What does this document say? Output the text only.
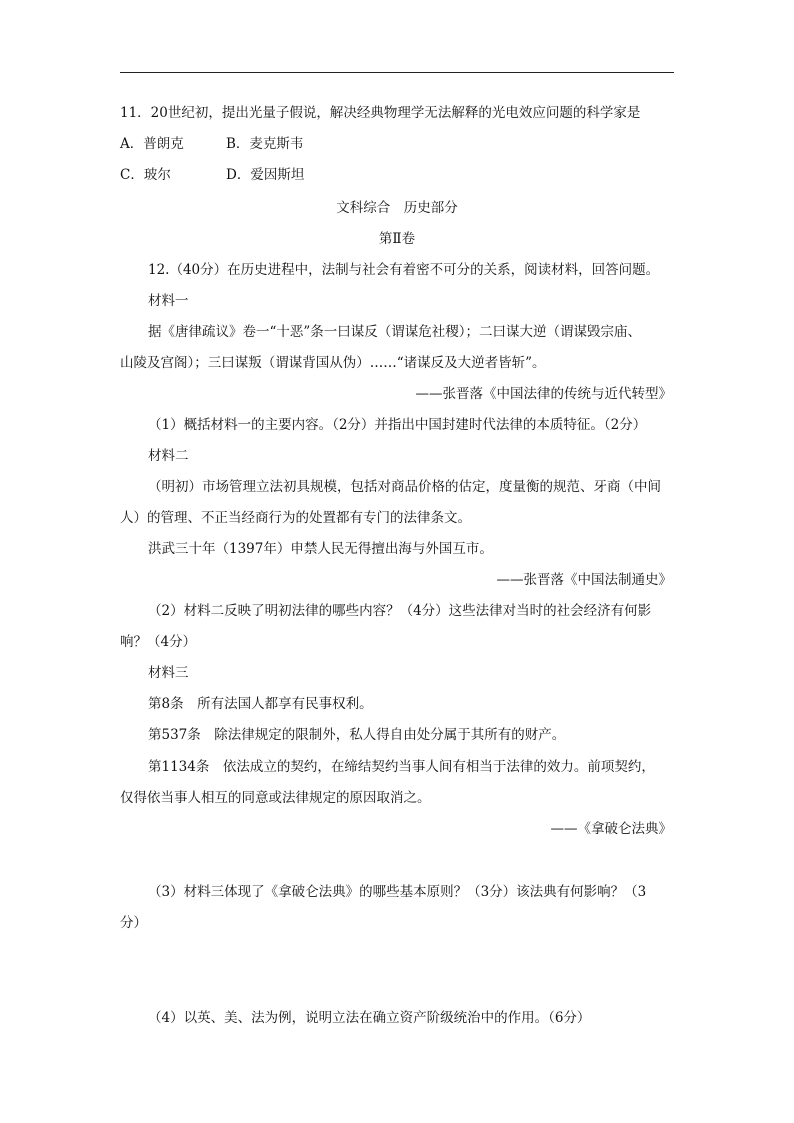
11．20世纪初，提出光量子假说，解决经典物理学无法解释的光电效应问题的科学家是
A．普朗克	B．麦克斯韦
C．玻尔	D．爱因斯坦
文科综合　历史部分
第Ⅱ卷
12.（40分）在历史进程中，法制与社会有着密不可分的关系，阅读材料，回答问题。
材料一
据《唐律疏议》卷一“十恶”条一曰谋反（谓谋危社稷）；二曰谋大逆（谓谋毁宗庙、
山陵及宫阁）；三曰谋叛（谓谋背国从伪）……“诸谋反及大逆者皆斩”。
——张晋落《中国法律的传统与近代转型》
（1）概括材料一的主要内容。（2分）并指出中国封建时代法律的本质特征。（2分）
材料二
（明初）市场管理立法初具规模，包括对商品价格的估定，度量衡的规范、牙商（中间
人）的管理、不正当经商行为的处置都有专门的法律条文。
洪武三十年（1397年）申禁人民无得擅出海与外国互市。
——张晋落《中国法制通史》
（2）材料二反映了明初法律的哪些内容？（4分）这些法律对当时的社会经济有何影
响？（4分）
材料三
第8条　所有法国人都享有民事权利。
第537条　除法律规定的限制外，私人得自由处分属于其所有的财产。
第1134条　依法成立的契约，在缔结契约当事人间有相当于法律的效力。前项契约，
仅得依当事人相互的同意或法律规定的原因取消之。
——《拿破仑法典》
（3）材料三体现了《拿破仑法典》的哪些基本原则？（3分）该法典有何影响？（3
分）
（4）以英、美、法为例，说明立法在确立资产阶级统治中的作用。（6分）
